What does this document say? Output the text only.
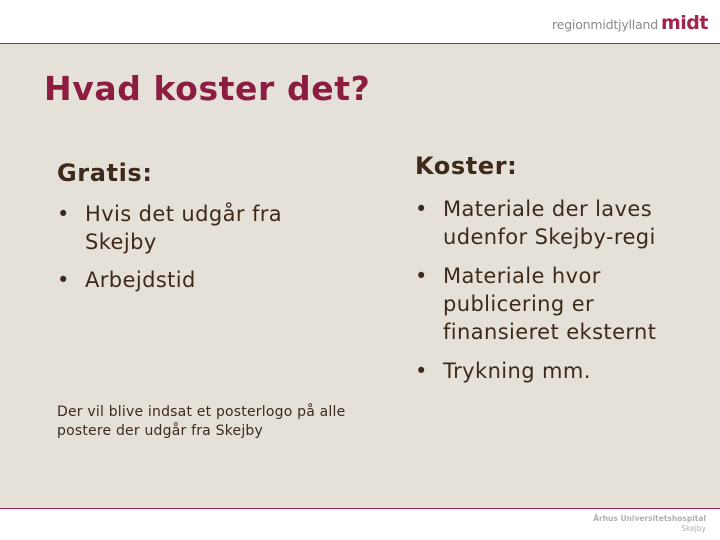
regionmidtjylland midt
Hvad koster det?
Gratis:
• Hvis det udgår fra Skejby
• Arbejdstid

Der vil blive indsat et posterlogo på alle postere der udgår fra Skejby

Koster:
• Materiale der laves udenfor Skejby-regi
• Materiale hvor publicering er finansieret eksternt
• Trykning mm.
Århus Universitetshospital
Skejby
